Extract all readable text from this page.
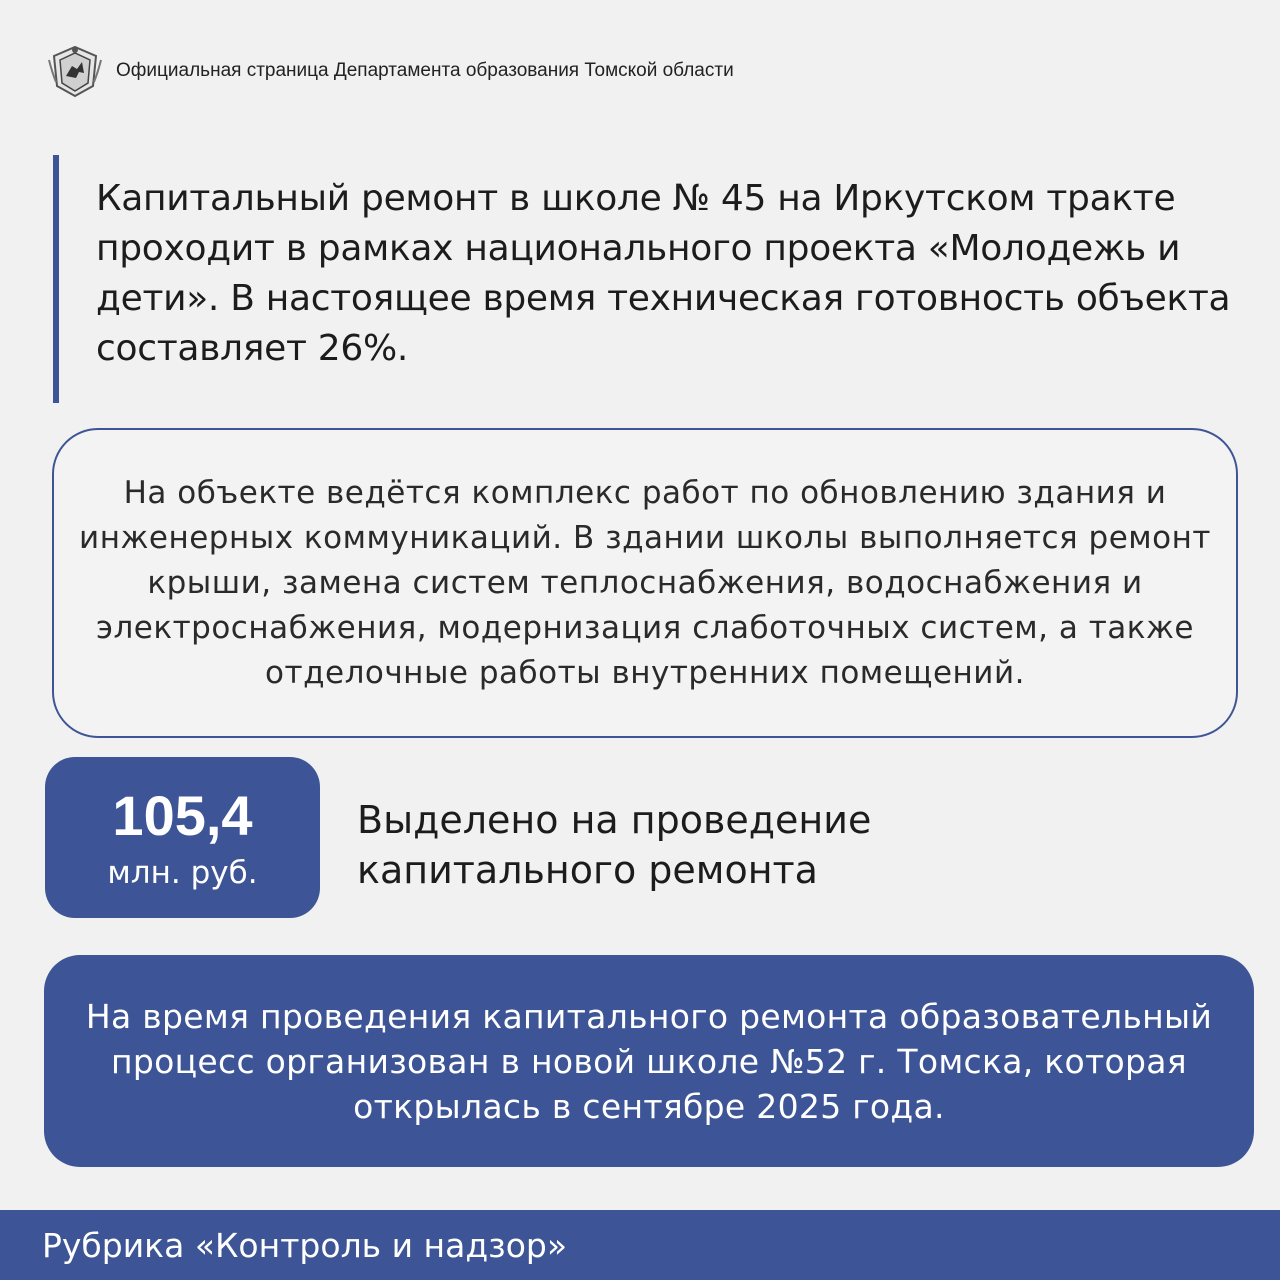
Официальная страница Департамента образования Томской области
Капитальный ремонт в школе № 45 на Иркутском тракте проходит в рамках национального проекта «Молодежь и дети». В настоящее время техническая готовность объекта составляет 26%.
На объекте ведётся комплекс работ по обновлению здания и инженерных коммуникаций. В здании школы выполняется ремонт крыши, замена систем теплоснабжения, водоснабжения и электроснабжения, модернизация слаботочных систем, а также отделочные работы внутренних помещений.
105,4
млн. руб.
Выделено на проведение капитального ремонта
На время проведения капитального ремонта образовательный процесс организован в новой школе №52 г. Томска, которая открылась в сентябре 2025 года.
Рубрика «Контроль и надзор»
